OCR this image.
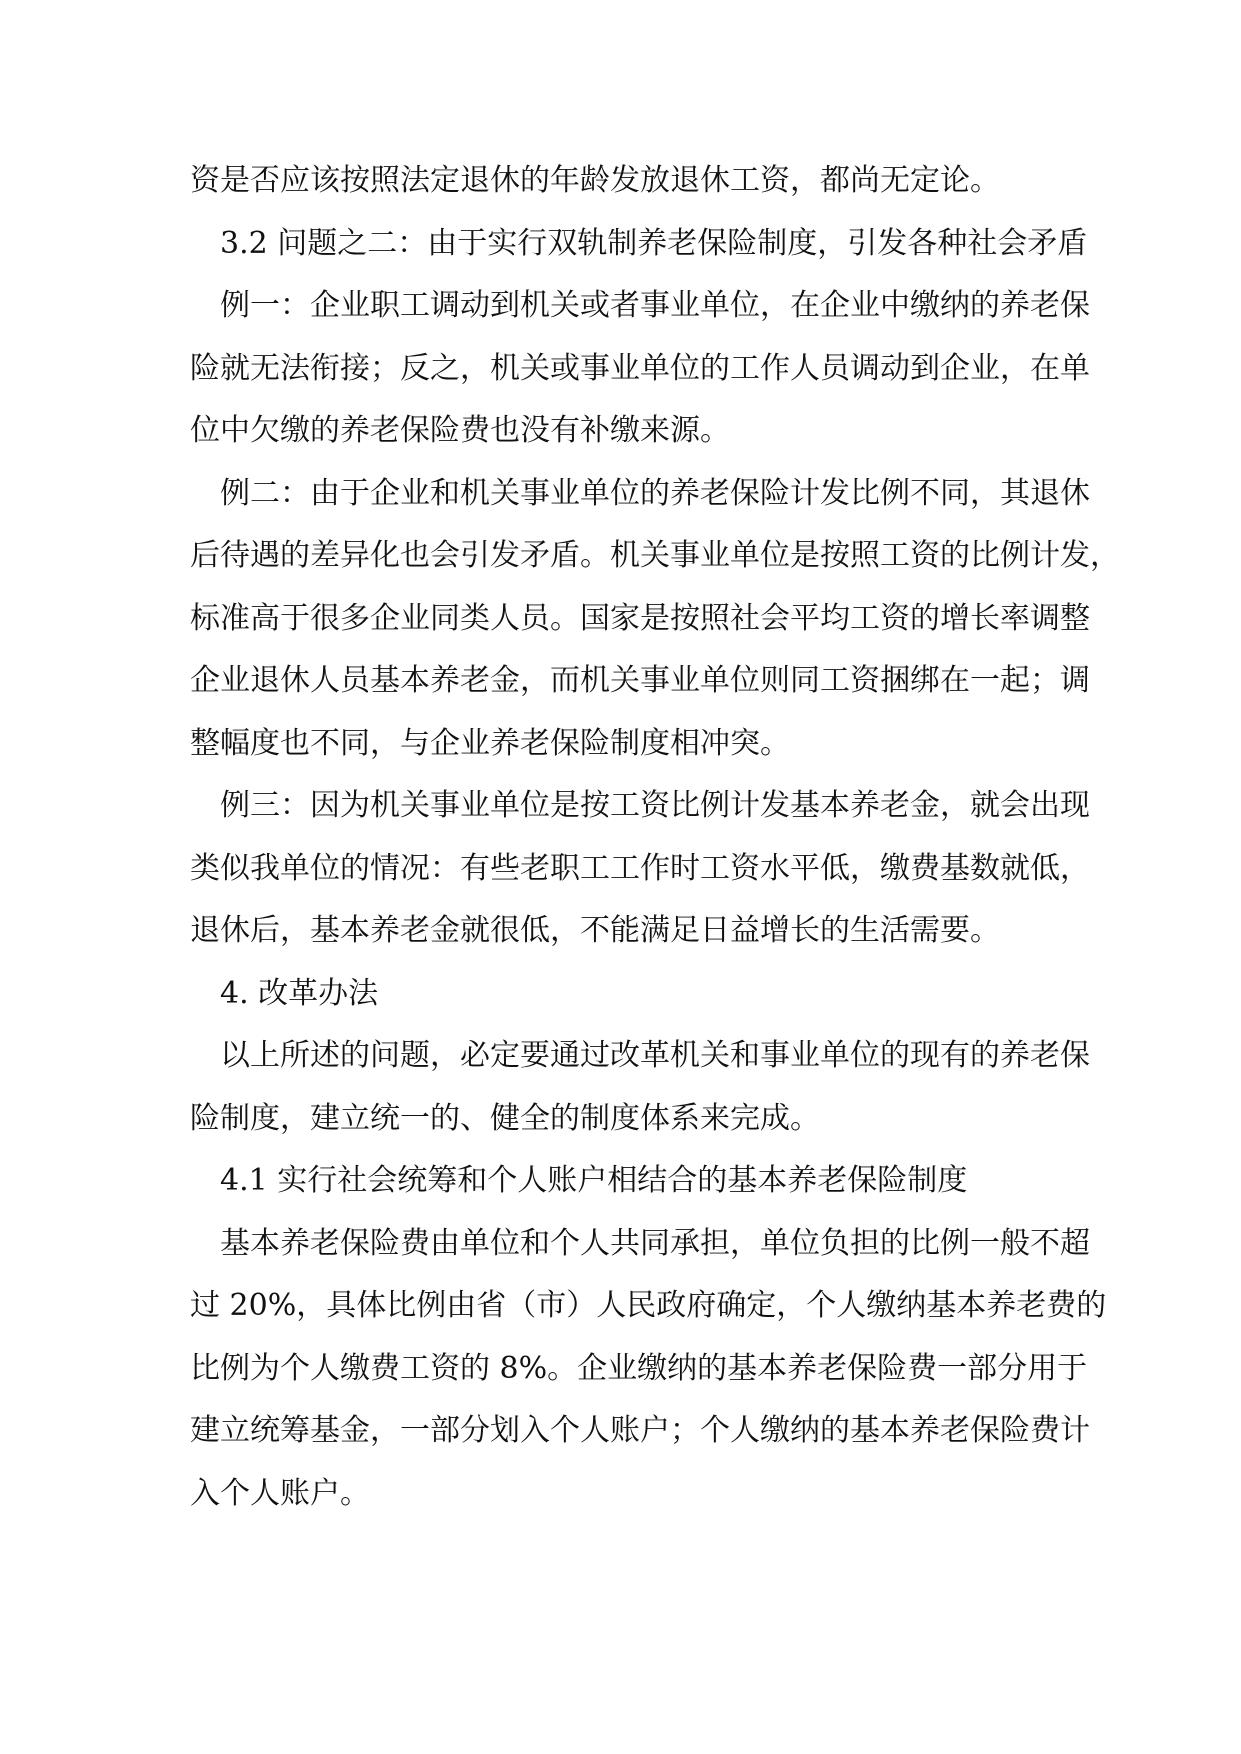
资是否应该按照法定退休的年龄发放退休工资，都尚无定论。
3.2 问题之二：由于实行双轨制养老保险制度，引发各种社会矛盾
例一：企业职工调动到机关或者事业单位，在企业中缴纳的养老保
险就无法衔接；反之，机关或事业单位的工作人员调动到企业，在单
位中欠缴的养老保险费也没有补缴来源。
例二：由于企业和机关事业单位的养老保险计发比例不同，其退休
后待遇的差异化也会引发矛盾。机关事业单位是按照工资的比例计发，
标准高于很多企业同类人员。国家是按照社会平均工资的增长率调整
企业退休人员基本养老金，而机关事业单位则同工资捆绑在一起；调
整幅度也不同，与企业养老保险制度相冲突。
例三：因为机关事业单位是按工资比例计发基本养老金，就会出现
类似我单位的情况：有些老职工工作时工资水平低，缴费基数就低，
退休后，基本养老金就很低，不能满足日益增长的生活需要。
4. 改革办法
以上所述的问题，必定要通过改革机关和事业单位的现有的养老保
险制度，建立统一的、健全的制度体系来完成。
4.1 实行社会统筹和个人账户相结合的基本养老保险制度
基本养老保险费由单位和个人共同承担，单位负担的比例一般不超
过 20%，具体比例由省（市）人民政府确定，个人缴纳基本养老费的
比例为个人缴费工资的 8%。企业缴纳的基本养老保险费一部分用于
建立统筹基金，一部分划入个人账户；个人缴纳的基本养老保险费计
入个人账户。
